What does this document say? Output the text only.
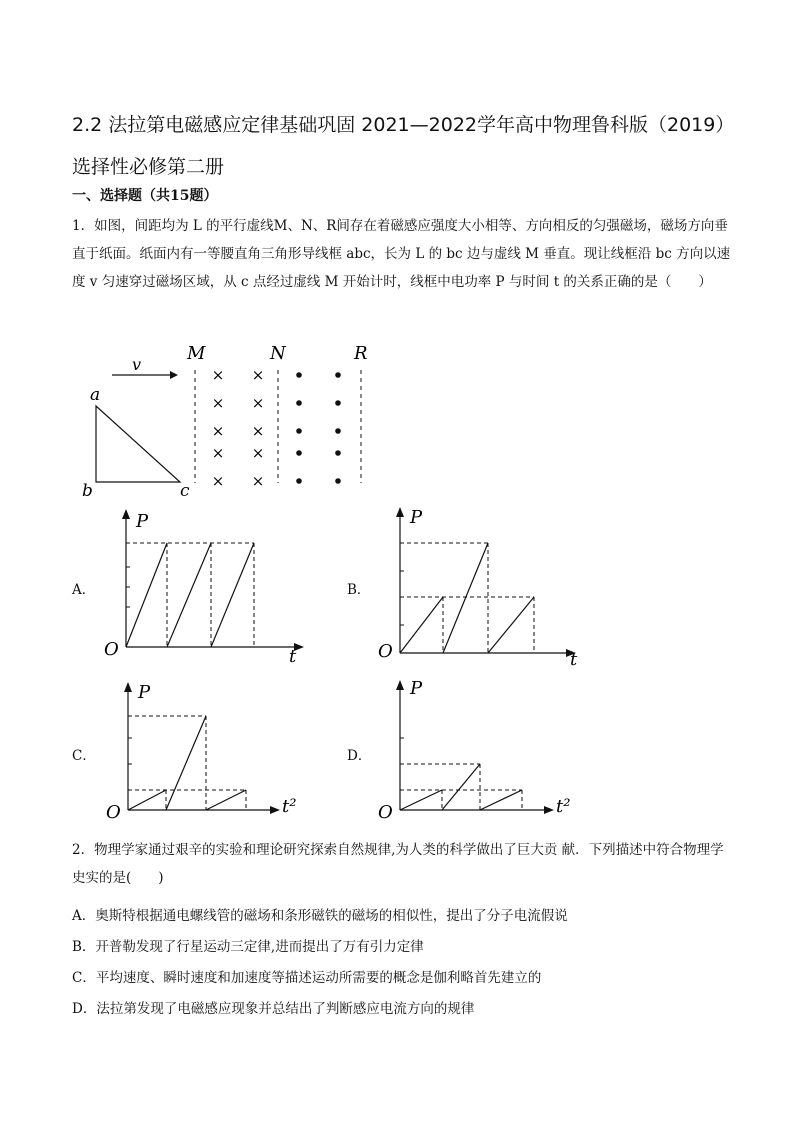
2.2 法拉第电磁感应定律基础巩固 2021—2022学年高中物理鲁科版（2019）选择性必修第二册
一、选择题（共15题）
1．如图，间距均为 L 的平行虚线M、N、R间存在着磁感应强度大小相等、方向相反的匀强磁场，磁场方向垂直于纸面。纸面内有一等腰直角三角形导线框 abc，长为 L 的 bc 边与虚线 M 垂直。现让线框沿 bc 方向以速度 v 匀速穿过磁场区域，从 c 点经过虚线 M 开始计时，线框中电功率 P 与时间 t 的关系正确的是（　　）
v
M	N	R
× ×
× ×
× ×
× ×
× ×
a
b	c
A．
P
O	t
B．
P
O	t
C．
P
O	t²
D．
P
O	t²
2．物理学家通过艰辛的实验和理论研究探索自然规律,为人类的科学做出了巨大贡 献．下列描述中符合物理学史实的是(　　)
A．奥斯特根据通电螺线管的磁场和条形磁铁的磁场的相似性，提出了分子电流假说
B．开普勒发现了行星运动三定律,进而提出了万有引力定律
C．平均速度、瞬时速度和加速度等描述运动所需要的概念是伽利略首先建立的
D．法拉第发现了电磁感应现象并总结出了判断感应电流方向的规律
